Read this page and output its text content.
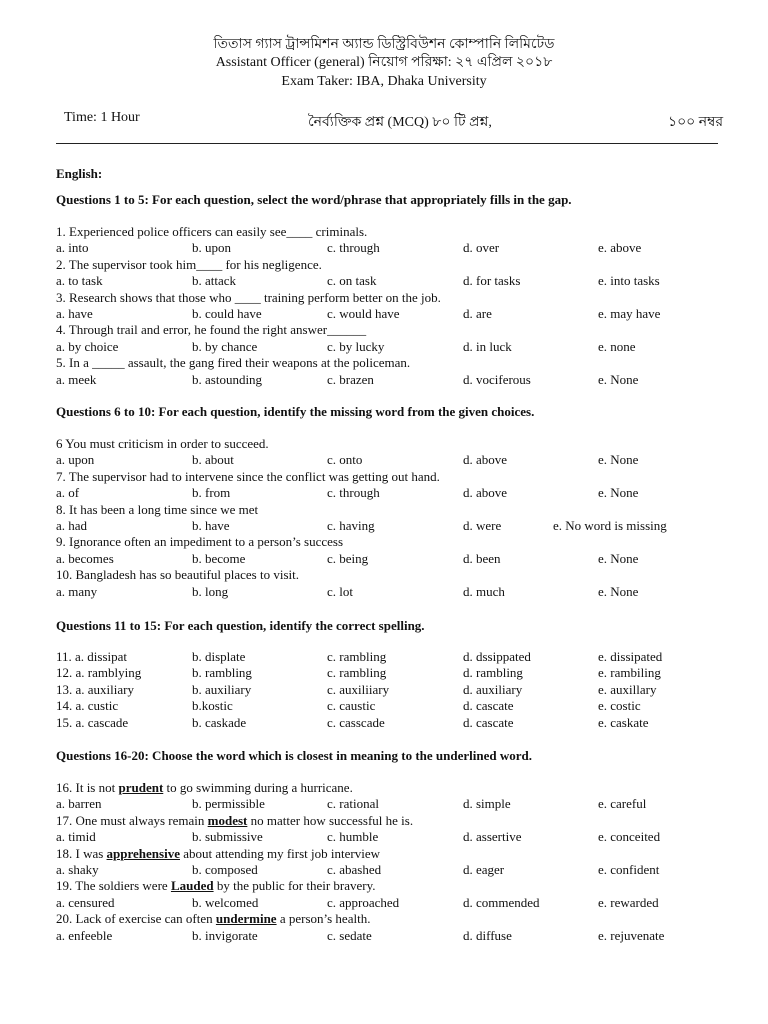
তিতাস গ্যাস ট্রান্সমিশন অ্যান্ড ডিস্ট্রিবিউশন কোম্পানি লিমিটেড
Assistant Officer (general) নিয়োগ পরিক্ষা: ২৭ এপ্রিল ২০১৮
Exam Taker: IBA, Dhaka University
Time: 1 Hour	নৈর্ব্যক্তিক প্রশ্ন (MCQ) ৮০ টি প্রশ্ন,	১০০ নম্বর
English:
Questions 1 to 5: For each question, select the word/phrase that appropriately fills in the gap.
1. Experienced police officers can easily see____ criminals.
a. into	b. upon	c. through	d. over	e. above
2. The supervisor took him____ for his negligence.
a. to task	b. attack	c. on task	d. for tasks	e. into tasks
3. Research shows that those who ____ training perform better on the job.
a. have	b. could have	c. would have	d. are	e. may have
4. Through trail and error, he found the right answer______
a. by choice	b. by chance	c. by lucky	d. in luck	e. none
5. In a _____ assault, the gang fired their weapons at the policeman.
a. meek	b. astounding	c. brazen	d. vociferous	e. None
Questions 6 to 10: For each question, identify the missing word from the given choices.
6 You must criticism in order to succeed.
a. upon	b. about	c. onto	d. above	e. None
7. The supervisor had to intervene since the conflict was getting out hand.
a. of	b. from	c. through	d. above	e. None
8. It has been a long time since we met
a. had	b. have	c. having	d. were	e. No word is missing
9. Ignorance often an impediment to a person’s success
a. becomes	b. become	c. being	d. been	e. None
10. Bangladesh has so beautiful places to visit.
a. many	b. long	c. lot	d. much	e. None
Questions 11 to 15: For each question, identify the correct spelling.
11. a. dissipat	b. displate	c. rambling	d. dssippated	e. dissipated
12. a. ramblying	b. rambling	c. rambling	d. rambling	e. rambiling
13. a. auxiliary	b. auxiliary	c. auxiliiary	d. auxiliary	e. auxillary
14. a. custic	b.kostic	c. caustic	d. cascate	e. costic
15. a. cascade	b. caskade	c. casscade	d. cascate	e. caskate
Questions 16-20: Choose the word which is closest in meaning to the underlined word.
16. It is not prudent to go swimming during a hurricane.
a. barren	b. permissible	c. rational	d. simple	e. careful
17. One must always remain modest no matter how successful he is.
a. timid	b. submissive	c. humble	d. assertive	e. conceited
18. I was apprehensive about attending my first job interview
a. shaky	b. composed	c. abashed	d. eager	e. confident
19. The soldiers were Lauded by the public for their bravery.
a. censured	b. welcomed	c. approached	d. commended	e. rewarded
20. Lack of exercise can often undermine a person’s health.
a. enfeeble	b. invigorate	c. sedate	d. diffuse	e. rejuvenate
